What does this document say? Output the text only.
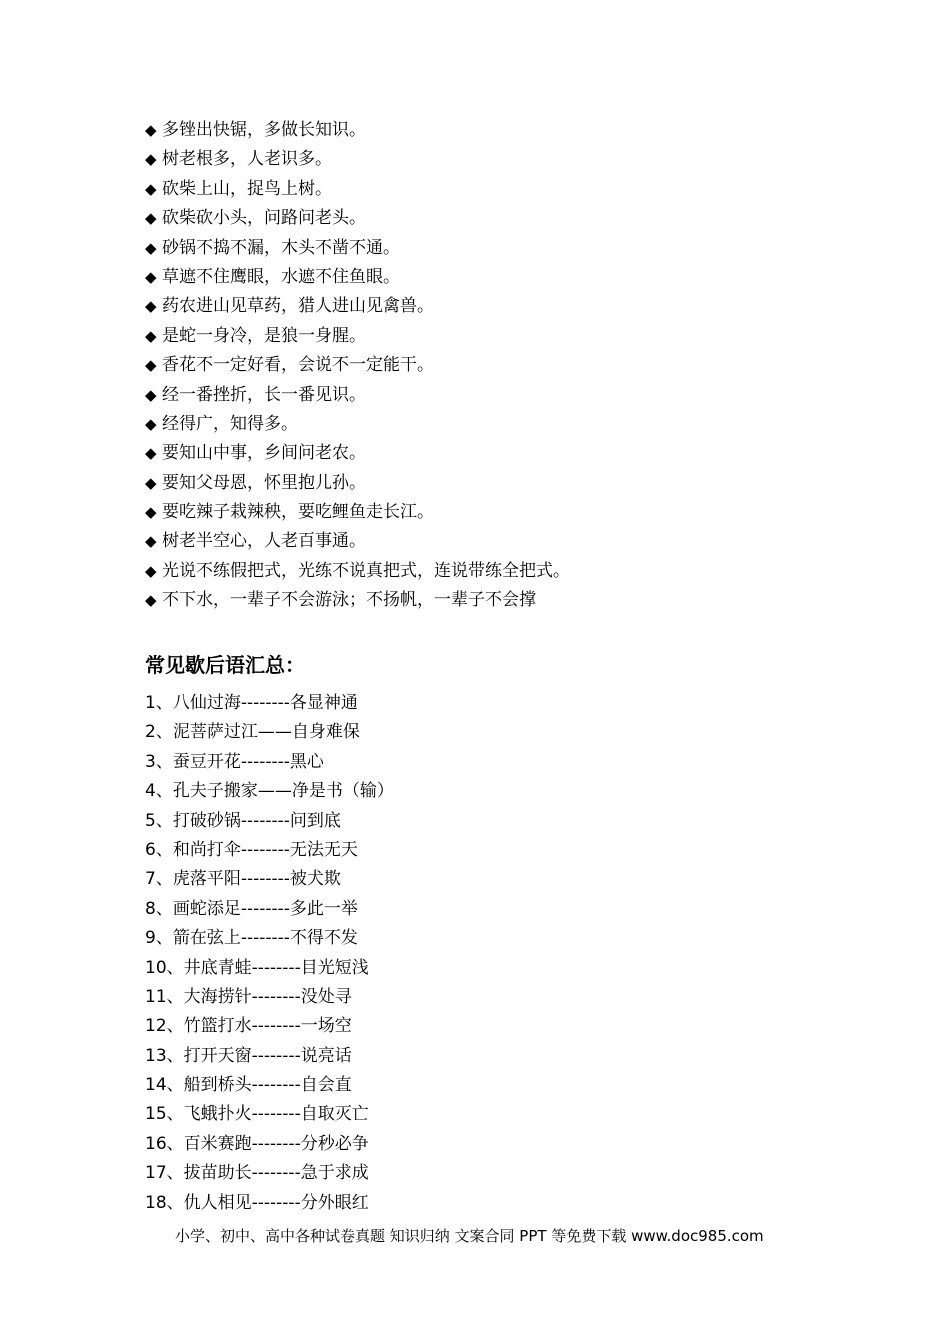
◆ 多锉出快锯，多做长知识。
◆ 树老根多，人老识多。
◆ 砍柴上山，捉鸟上树。
◆ 砍柴砍小头，问路问老头。
◆ 砂锅不捣不漏，木头不凿不通。
◆ 草遮不住鹰眼，水遮不住鱼眼。
◆ 药农进山见草药，猎人进山见禽兽。
◆ 是蛇一身冷，是狼一身腥。
◆ 香花不一定好看，会说不一定能干。
◆ 经一番挫折，长一番见识。
◆ 经得广，知得多。
◆ 要知山中事，乡间问老农。
◆ 要知父母恩，怀里抱儿孙。
◆ 要吃辣子栽辣秧，要吃鲤鱼走长江。
◆ 树老半空心，人老百事通。
◆ 光说不练假把式，光练不说真把式，连说带练全把式。
◆ 不下水，一辈子不会游泳；不扬帆，一辈子不会撑
常见歇后语汇总：
1、八仙过海--------各显神通
2、泥菩萨过江——自身难保
3、蚕豆开花--------黑心
4、孔夫子搬家——净是书（输）
5、打破砂锅--------问到底
6、和尚打伞--------无法无天
7、虎落平阳--------被犬欺
8、画蛇添足--------多此一举
9、箭在弦上--------不得不发
10、井底青蛙--------目光短浅
11、大海捞针--------没处寻
12、竹篮打水--------一场空
13、打开天窗--------说亮话
14、船到桥头--------自会直
15、飞蛾扑火--------自取灭亡
16、百米赛跑--------分秒必争
17、拔苗助长--------急于求成
18、仇人相见--------分外眼红
小学、初中、高中各种试卷真题 知识归纳 文案合同 PPT 等免费下载 www.doc985.com
